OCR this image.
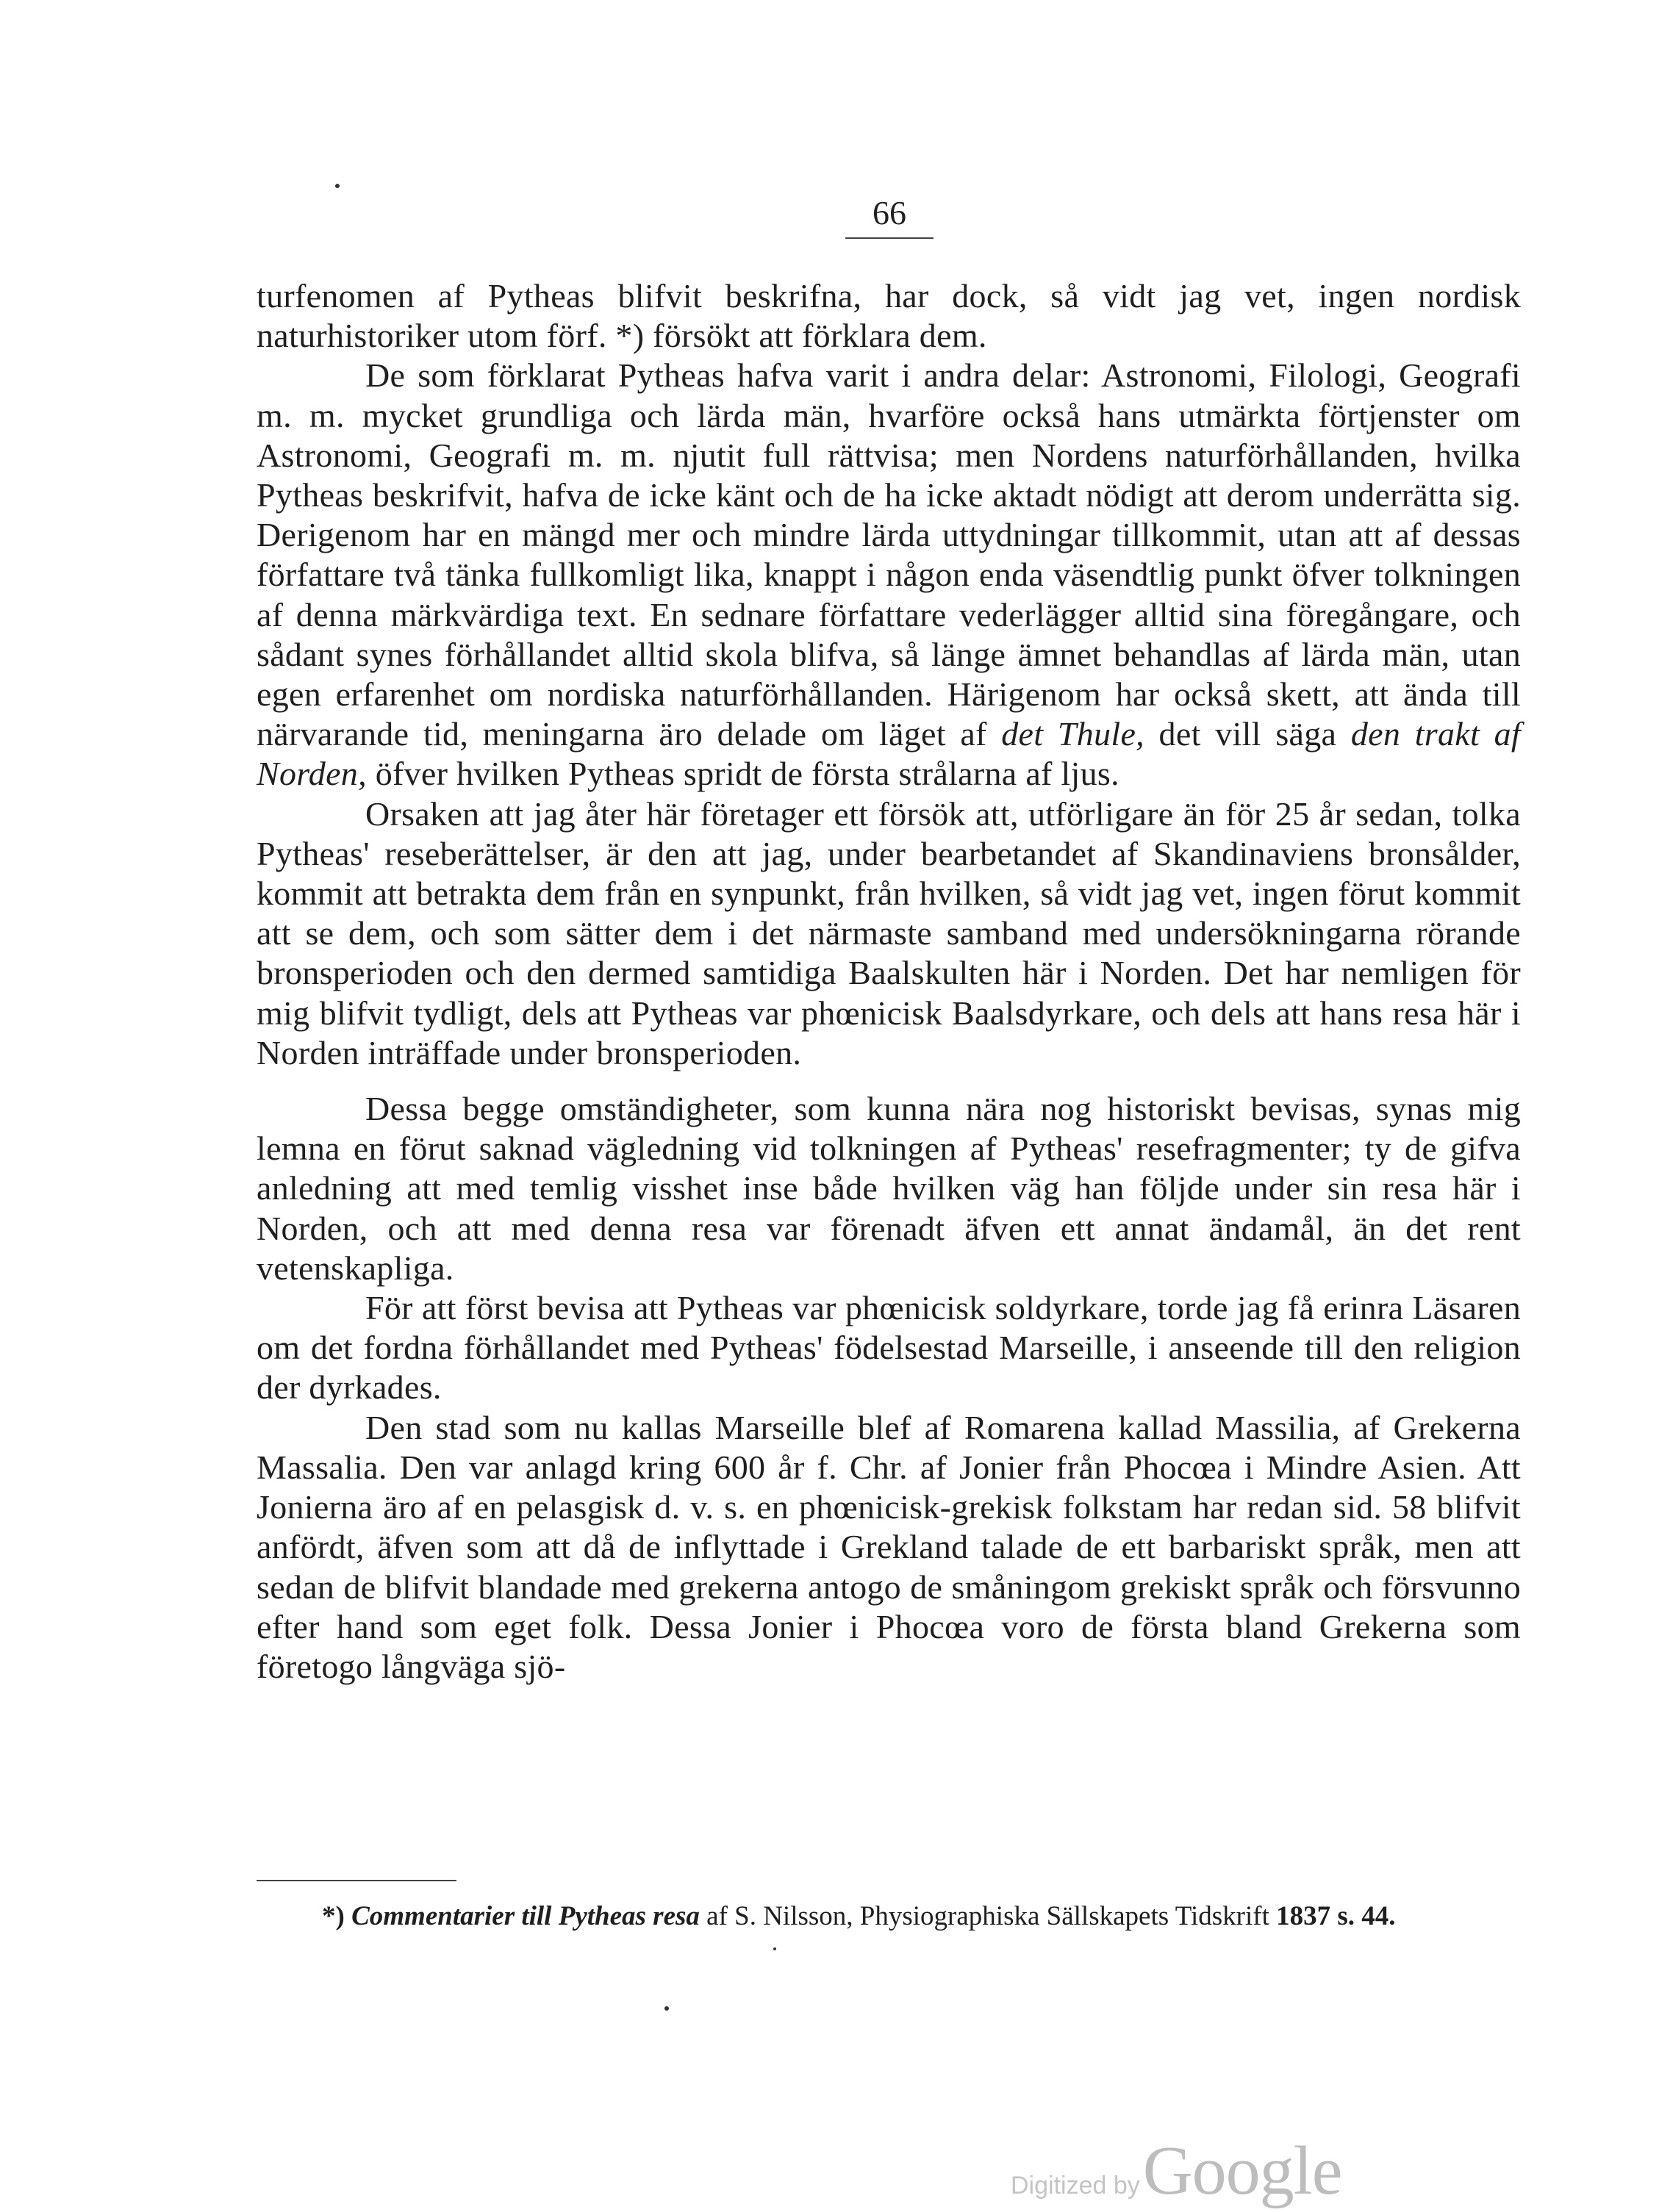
66

turfenomen af Pytheas blifvit beskrifna, har dock, så vidt jag vet, ingen nordisk naturhistoriker utom förf. *) försökt att förklara dem.

De som förklarat Pytheas hafva varit i andra delar: Astronomi, Filologi, Geografi m. m. mycket grundliga och lärda män, hvarföre också hans utmärkta förtjenster om Astronomi, Geografi m. m. njutit full rättvisa; men Nordens naturförhållanden, hvilka Pytheas beskrifvit, hafva de icke känt och de ha icke aktadt nödigt att derom underrätta sig. Derigenom har en mängd mer och mindre lärda uttydningar tillkommit, utan att af dessas författare två tänka fullkomligt lika, knappt i någon enda väsendtlig punkt öfver tolkningen af denna märkvärdiga text. En sednare författare vederlägger alltid sina föregångare, och sådant synes förhållandet alltid skola blifva, så länge ämnet behandlas af lärda män, utan egen erfarenhet om nordiska naturförhållanden. Härigenom har också skett, att ända till närvarande tid, meningarna äro delade om läget af det Thule, det vill säga den trakt af Norden, öfver hvilken Pytheas spridt de första strålarna af ljus.

Orsaken att jag åter här företager ett försök att, utförligare än för 25 år sedan, tolka Pytheas' reseberättelser, är den att jag, under bearbetandet af Skandinaviens bronsålder, kommit att betrakta dem från en synpunkt, från hvilken, så vidt jag vet, ingen förut kommit att se dem, och som sätter dem i det närmaste samband med undersökningarna rörande bronsperioden och den dermed samtidiga Baalskulten här i Norden. Det har nemligen för mig blifvit tydligt, dels att Pytheas var phœnicisk Baalsdyrkare, och dels att hans resa här i Norden inträffade under bronsperioden.

Dessa begge omständigheter, som kunna nära nog historiskt bevisas, synas mig lemna en förut saknad vägledning vid tolkningen af Pytheas' resefragmenter; ty de gifva anledning att med temlig visshet inse både hvilken väg han följde under sin resa här i Norden, och att med denna resa var förenadt äfven ett annat ändamål, än det rent vetenskapliga.

För att först bevisa att Pytheas var phœnicisk soldyrkare, torde jag få erinra Läsaren om det fordna förhållandet med Pytheas' födelsestad Marseille, i anseende till den religion der dyrkades.

Den stad som nu kallas Marseille blef af Romarena kallad Massilia, af Grekerna Massalia. Den var anlagd kring 600 år f. Chr. af Jonier från Phocœa i Mindre Asien. Att Jonierna äro af en pelasgisk d. v. s. en phœnicisk-grekisk folkstam har redan sid. 58 blifvit anfördt, äfven som att då de inflyttade i Grekland talade de ett barbariskt språk, men att sedan de blifvit blandade med grekerna antogo de småningom grekiskt språk och försvunno efter hand som eget folk. Dessa Jonier i Phocœa voro de första bland Grekerna som företogo långväga sjö-

*) Commentarier till Pytheas resa af S. Nilsson, Physiographiska Sällskapets Tidskrift 1837 s. 44.
Digitized by Google
